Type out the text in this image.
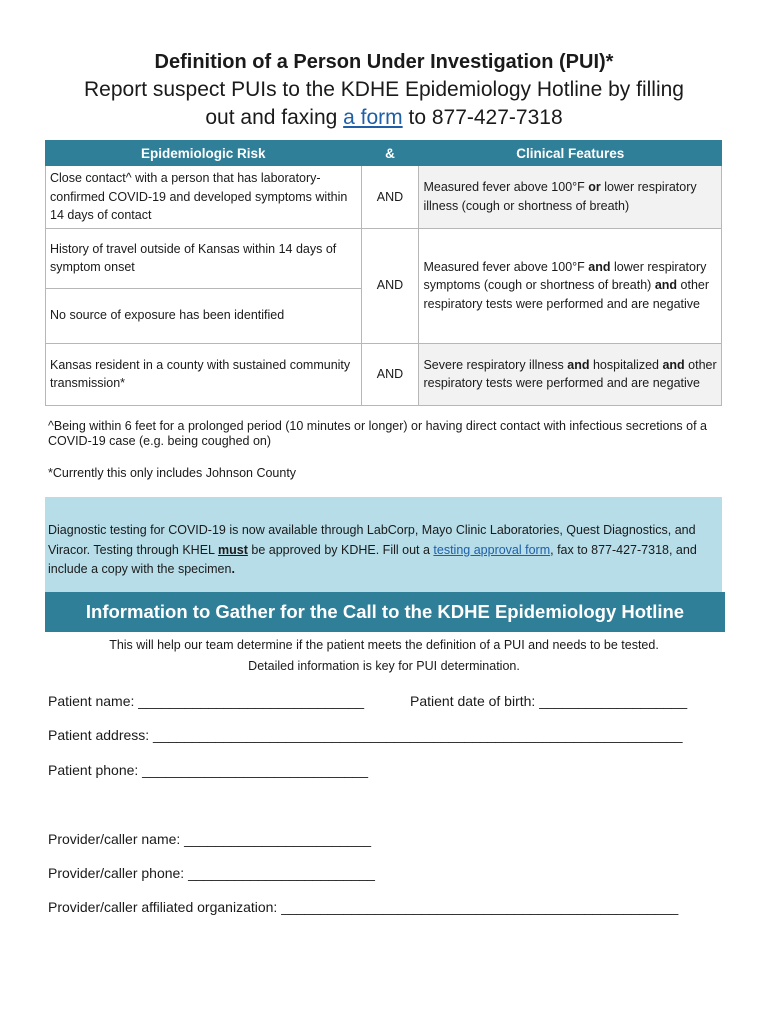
Definition of a Person Under Investigation (PUI)*
Report suspect PUIs to the KDHE Epidemiology Hotline by filling
out and faxing a form to 877-427-7318
Epidemiologic Risk	&	Clinical Features
Close contact^ with a person that has laboratory-confirmed COVID-19 and developed symptoms within 14 days of contact	AND	Measured fever above 100°F or lower respiratory illness (cough or shortness of breath)
History of travel outside of Kansas within 14 days of symptom onset	AND	Measured fever above 100°F and lower respiratory symptoms (cough or shortness of breath) and other respiratory tests were performed and are negative
No source of exposure has been identified		
Kansas resident in a county with sustained community transmission*	AND	Severe respiratory illness and hospitalized and other respiratory tests were performed and are negative
^Being within 6 feet for a prolonged period (10 minutes or longer) or having direct contact with infectious secretions of a COVID-19 case (e.g. being coughed on)
*Currently this only includes Johnson County
Diagnostic testing for COVID-19 is now available through LabCorp, Mayo Clinic Laboratories, Quest Diagnostics, and Viracor. Testing through KHEL must be approved by KDHE. Fill out a testing approval form, fax to 877-427-7318, and include a copy with the specimen.
Information to Gather for the Call to the KDHE Epidemiology Hotline
This will help our team determine if the patient meets the definition of a PUI and needs to be tested.
Detailed information is key for PUI determination.
Patient name: _____________________________	Patient date of birth: ___________________
Patient address: ____________________________________________________________________
Patient phone: _____________________________
Provider/caller name: ________________________
Provider/caller phone: ________________________
Provider/caller affiliated organization: ___________________________________________________
